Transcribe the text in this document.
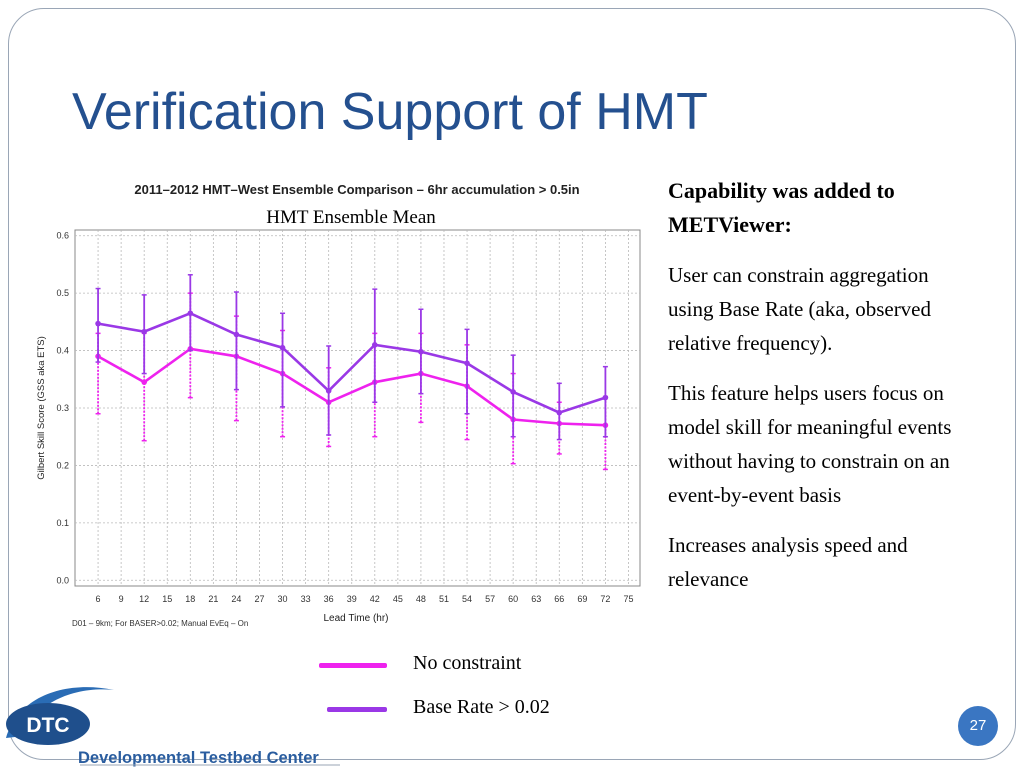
Verification Support of HMT
2011–2012 HMT–West Ensemble Comparison – 6hr accumulation > 0.5in
HMT Ensemble Mean
0.0
0.1
0.2
0.3
0.4
0.5
0.6
6 9 12 15 18 21 24 27 30 33 36 39 42 45 48 51 54 57 60 63 66 69 72 75
Gilbert Skill Score (GSS aka ETS)
Lead Time (hr)
D01 – 9km; For BASER>0.02; Manual EvEq – On

Capability was added to METViewer:

User can constrain aggregation using Base Rate (aka, observed relative frequency).

This feature helps users focus on model skill for meaningful events without having to constrain on an event-by-event basis

Increases analysis speed and relevance

No constraint
Base Rate > 0.02
DTC
Developmental Testbed Center
27
